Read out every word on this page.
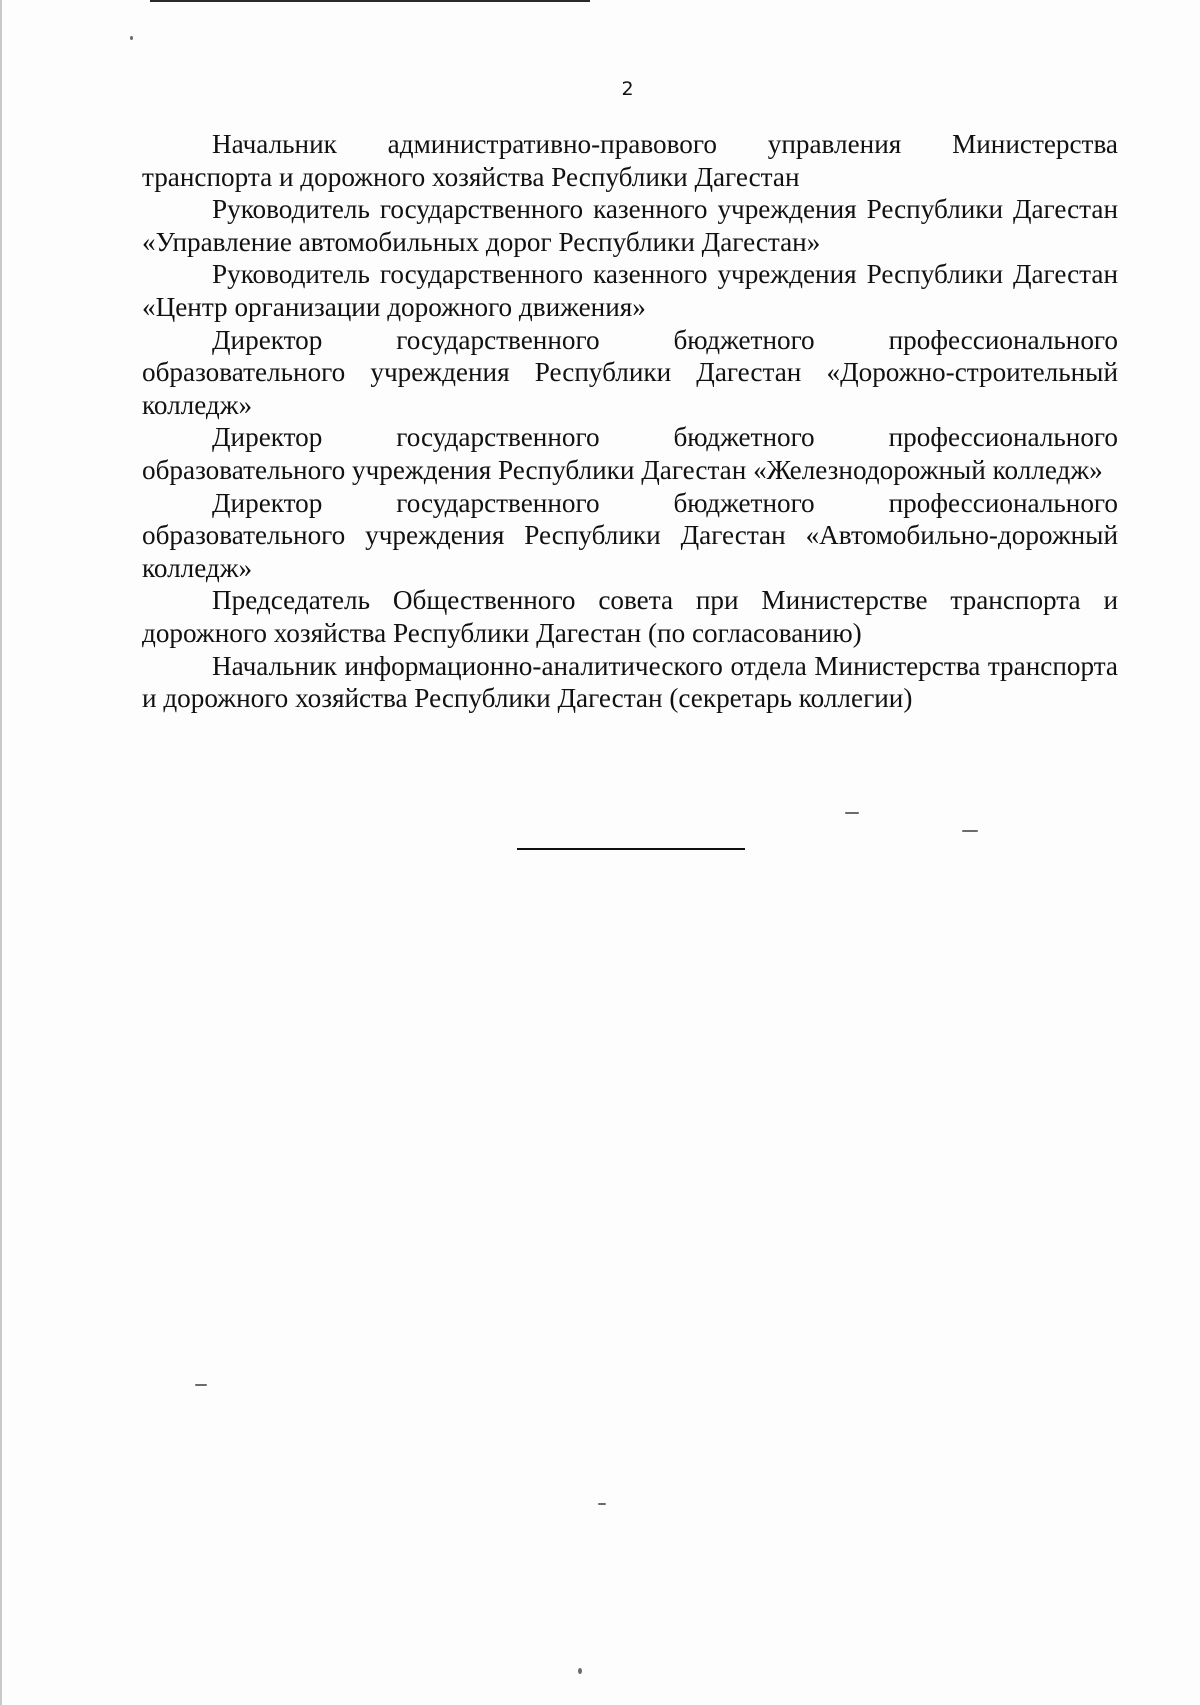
2

Начальник административно-правового управления Министерства транспорта и дорожного хозяйства Республики Дагестан

Руководитель государственного казенного учреждения Республики Дагестан «Управление автомобильных дорог Республики Дагестан»

Руководитель государственного казенного учреждения Республики Дагестан «Центр организации дорожного движения»

Директор государственного бюджетного профессионального образовательного учреждения Республики Дагестан «Дорожно-строительный колледж»

Директор государственного бюджетного профессионального образовательного учреждения Республики Дагестан «Железнодорожный колледж»

Директор государственного бюджетного профессионального образовательного учреждения Республики Дагестан «Автомобильно-дорожный колледж»

Председатель Общественного совета при Министерстве транспорта и дорожного хозяйства Республики Дагестан (по согласованию)

Начальник информационно-аналитического отдела Министерства транспорта и дорожного хозяйства Республики Дагестан (секретарь коллегии)
